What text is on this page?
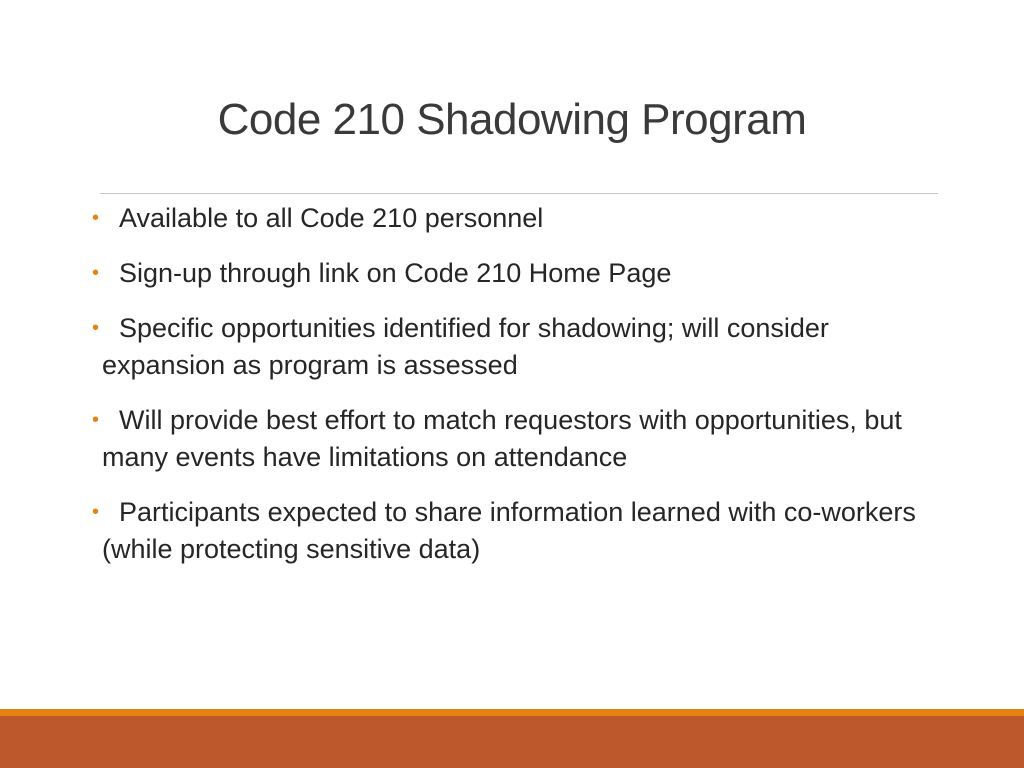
Code 210 Shadowing Program
• Available to all Code 210 personnel
• Sign-up through link on Code 210 Home Page
• Specific opportunities identified for shadowing; will consider expansion as program is assessed
• Will provide best effort to match requestors with opportunities, but many events have limitations on attendance
• Participants expected to share information learned with co-workers (while protecting sensitive data)
